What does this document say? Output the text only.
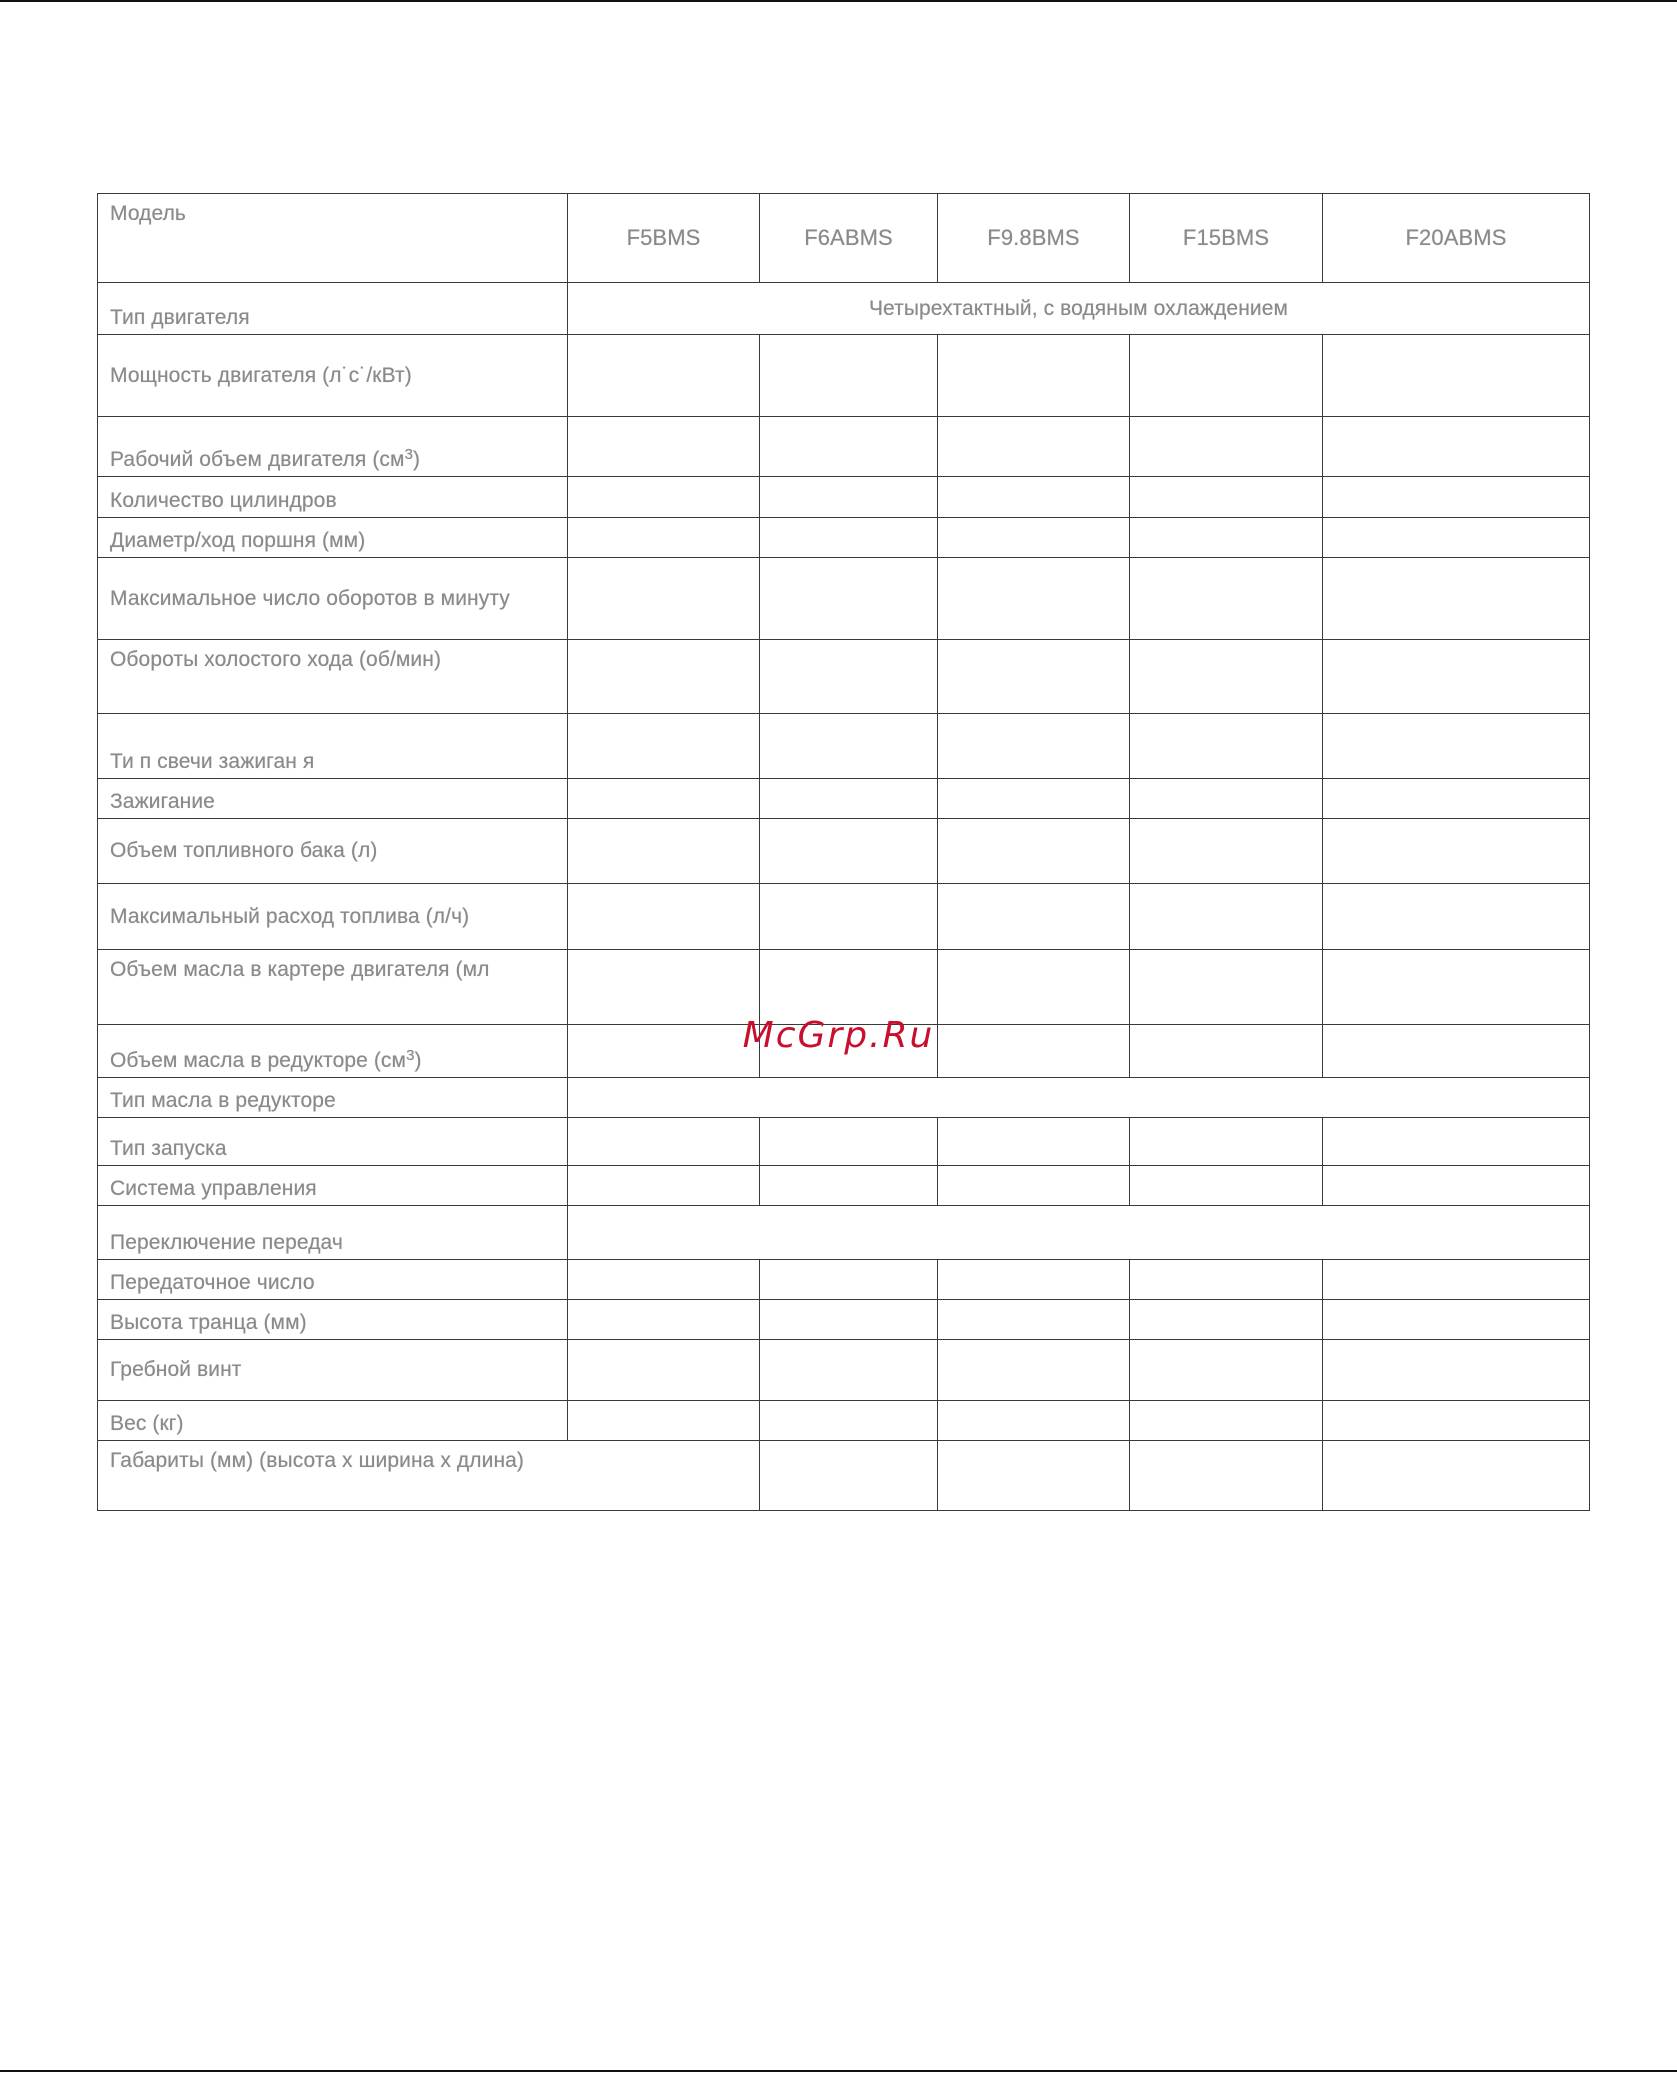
Модель	F5BMS	F6ABMS	F9.8BMS	F15BMS	F20ABMS
Тип двигателя	Четырехтактный, с водяным охлаждением				
Мощность двигателя (л˙с˙/кВт)					
Рабочий объем двигателя $(см^3)$					
Количество цилиндров					
Диаметр/ход поршня (мм)					
Максимальное число оборотов в минуту					
Обороты холостого хода (об/мин)					
Ти п свечи зажиган я					
Зажигание					
Объем топливного бака (л)					
Максимальный расход топлива (л/ч)					
Объем масла в картере двигателя (мл					
Объем масла в редукторе $(см^3)$					
Тип масла в редукторе					
Тип запуска					
Система управления					
Переключение передач					
Передаточное число					
Высота транца (мм)					
Гребной винт					
Вес (кг)					
Габариты (мм) (высота х ширина х длина)					
McGrp.Ru
